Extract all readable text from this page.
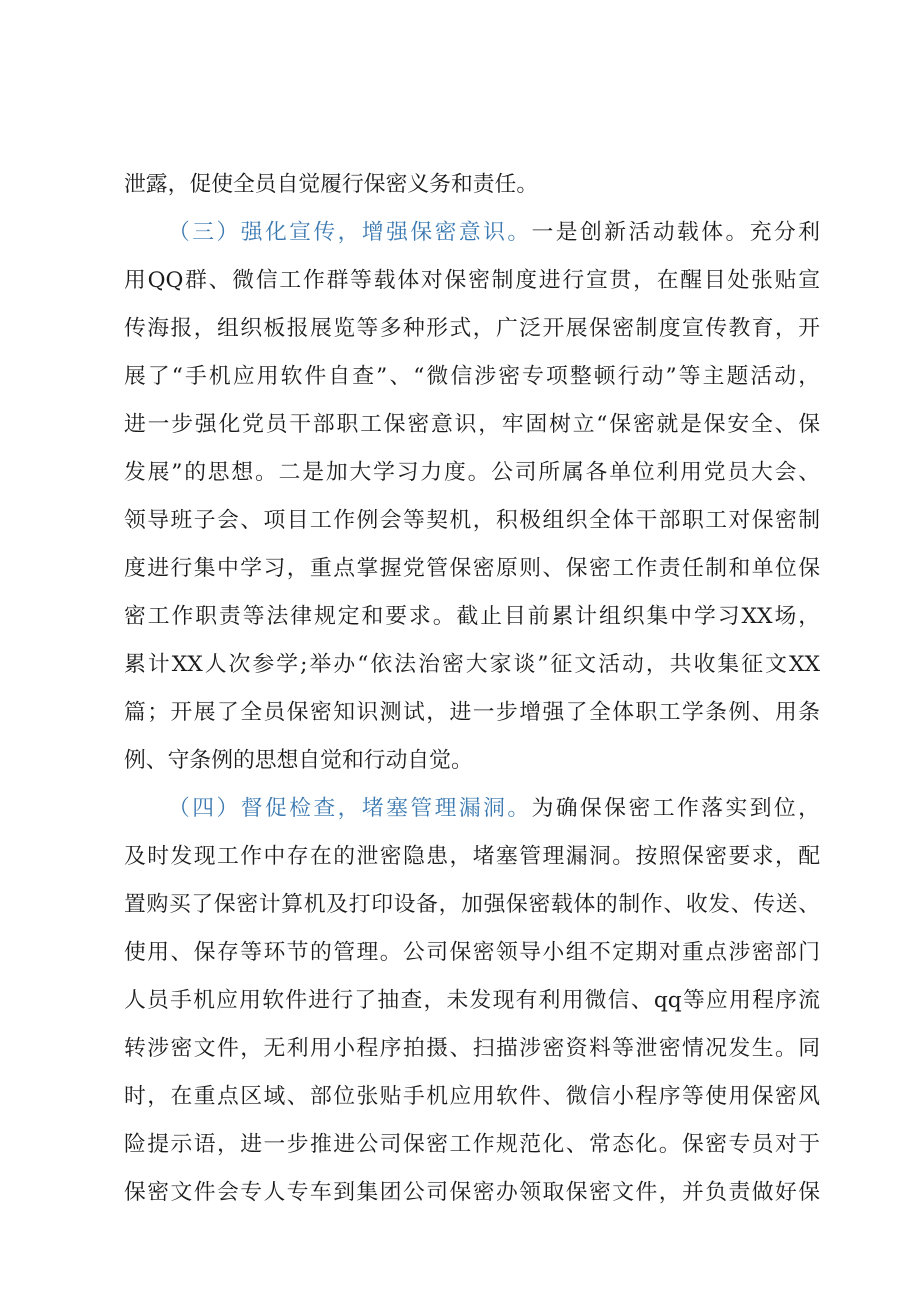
泄露，促使全员自觉履行保密义务和责任。
（三）强化宣传，增强保密意识。一是创新活动载体。充分利
用QQ群、微信工作群等载体对保密制度进行宣贯，在醒目处张贴宣
传海报，组织板报展览等多种形式，广泛开展保密制度宣传教育，开
展了“手机应用软件自查”、“微信涉密专项整顿行动”等主题活动，
进一步强化党员干部职工保密意识，牢固树立“保密就是保安全、保
发展”的思想。二是加大学习力度。公司所属各单位利用党员大会、
领导班子会、项目工作例会等契机，积极组织全体干部职工对保密制
度进行集中学习，重点掌握党管保密原则、保密工作责任制和单位保
密工作职责等法律规定和要求。截止目前累计组织集中学习XX场，
累计XX人次参学;举办“依法治密大家谈”征文活动，共收集征文XX
篇；开展了全员保密知识测试，进一步增强了全体职工学条例、用条
例、守条例的思想自觉和行动自觉。
（四）督促检查，堵塞管理漏洞。为确保保密工作落实到位，
及时发现工作中存在的泄密隐患，堵塞管理漏洞。按照保密要求，配
置购买了保密计算机及打印设备，加强保密载体的制作、收发、传送、
使用、保存等环节的管理。公司保密领导小组不定期对重点涉密部门
人员手机应用软件进行了抽查，未发现有利用微信、qq等应用程序流
转涉密文件，无利用小程序拍摄、扫描涉密资料等泄密情况发生。同
时，在重点区域、部位张贴手机应用软件、微信小程序等使用保密风
险提示语，进一步推进公司保密工作规范化、常态化。保密专员对于
保密文件会专人专车到集团公司保密办领取保密文件，并负责做好保
